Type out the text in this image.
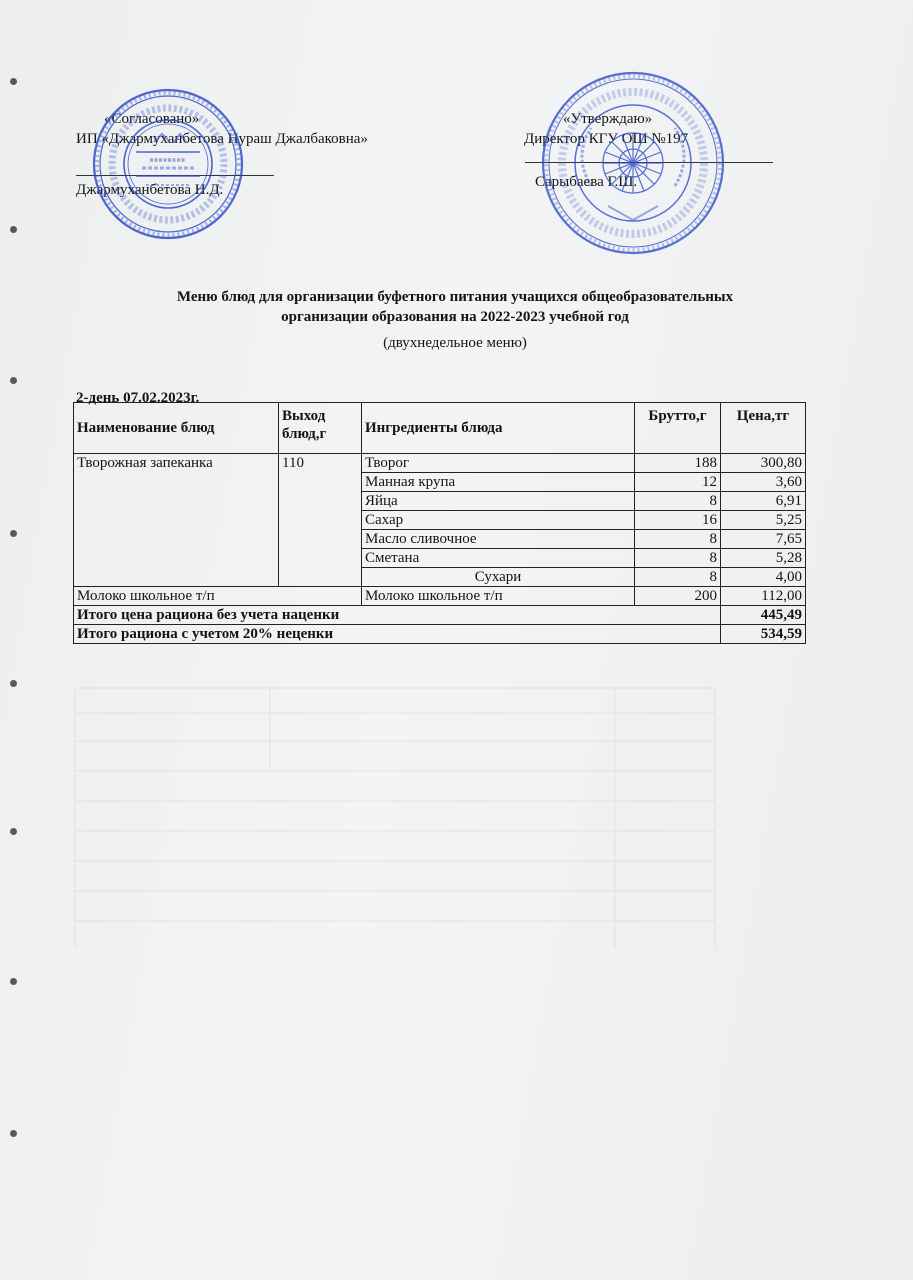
«Согласовано»
ИП «Джармуханбетова Нураш Джалбаковна»
Джармуханбетова Н.Д.
«Утверждаю»
Директор КГУ ОШ №197
Сарыбаева Г.Ш.
Меню блюд для организации буфетного питания учащихся общеобразовательных
организации образования на 2022-2023 учебной год
(двухнедельное меню)
2-день 07.02.2023г.
Наименование блюд	Выход блюд,г	Ингредиенты блюда	Брутто,г	Цена,тг
Творожная запеканка	110	Творог	188	300,80
		Манная крупа	12	3,60
		Яйца	8	6,91
		Сахар	16	5,25
		Масло сливочное	8	7,65
		Сметана	8	5,28
		Сухари	8	4,00
Молоко школьное т/п		Молоко школьное т/п	200	112,00
Итого цена рациона без учета наценки				445,49
Итого рациона с учетом 20% неценки				534,59
